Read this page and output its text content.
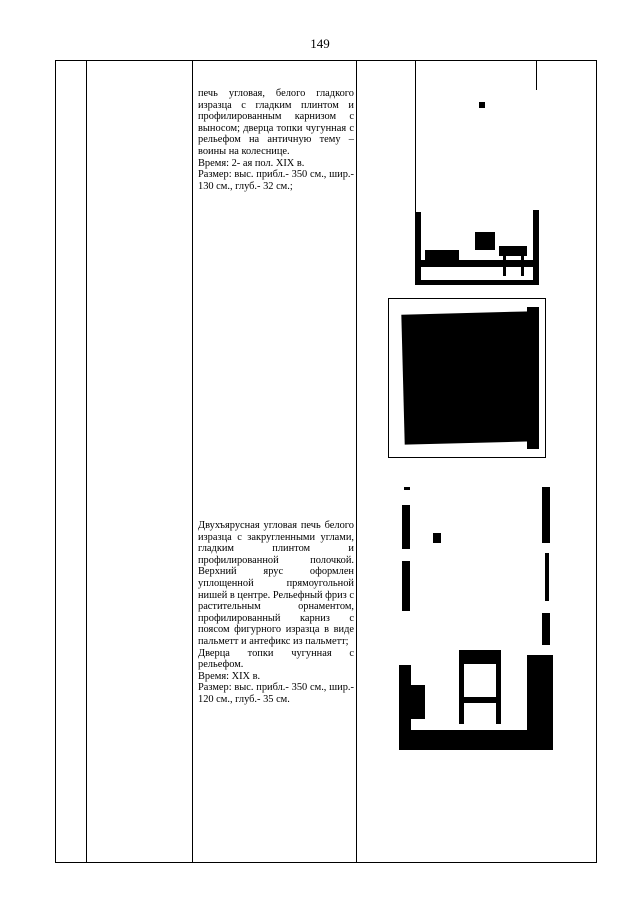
149
печь угловая, белого гладкого изразца с гладким плинтом и профилированным карнизом с выносом; дверца топки чугунная с рельефом на античную тему – воины на колеснице.
Время: 2- ая пол. XIX в.
Размер: выс. прибл.- 350 см., шир.- 130 см., глуб.- 32 см.;
Двухъярусная угловая печь белого изразца с закругленными углами, гладким плинтом и профилированной полочкой. Верхний ярус оформлен уплощенной прямоугольной нишей в центре. Рельефный фриз с растительным орнаментом, профилированный карниз с поясом фигурного изразца в виде пальметт и антефикс из пальметт;
Дверца топки чугунная с рельефом.
Время: XIX в.
Размер: выс. прибл.- 350 см., шир.- 120 см., глуб.- 35 см.
